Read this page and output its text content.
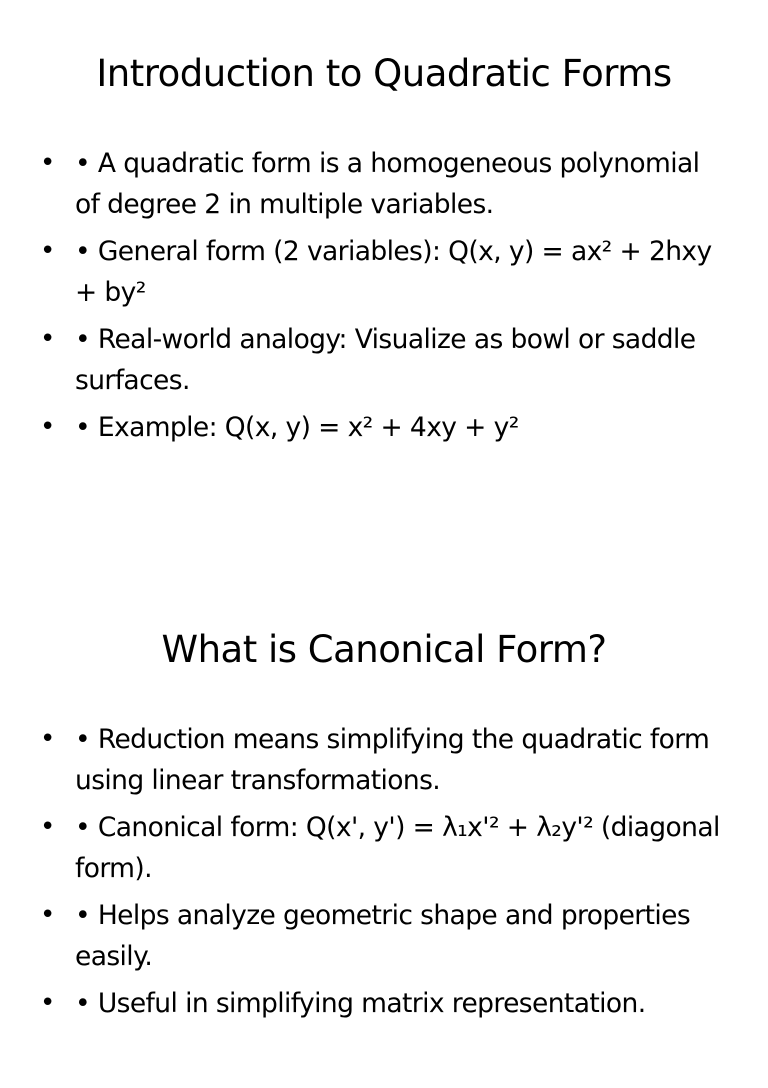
Introduction to Quadratic Forms
• • A quadratic form is a homogeneous polynomial of degree 2 in multiple variables.
• • General form (2 variables): Q(x, y) = ax² + 2hxy + by²
• • Real-world analogy: Visualize as bowl or saddle surfaces.
• • Example: Q(x, y) = x² + 4xy + y²
What is Canonical Form?
• • Reduction means simplifying the quadratic form using linear transformations.
• • Canonical form: Q(x', y') = λ₁x'² + λ₂y'² (diagonal form).
• • Helps analyze geometric shape and properties easily.
• • Useful in simplifying matrix representation.
